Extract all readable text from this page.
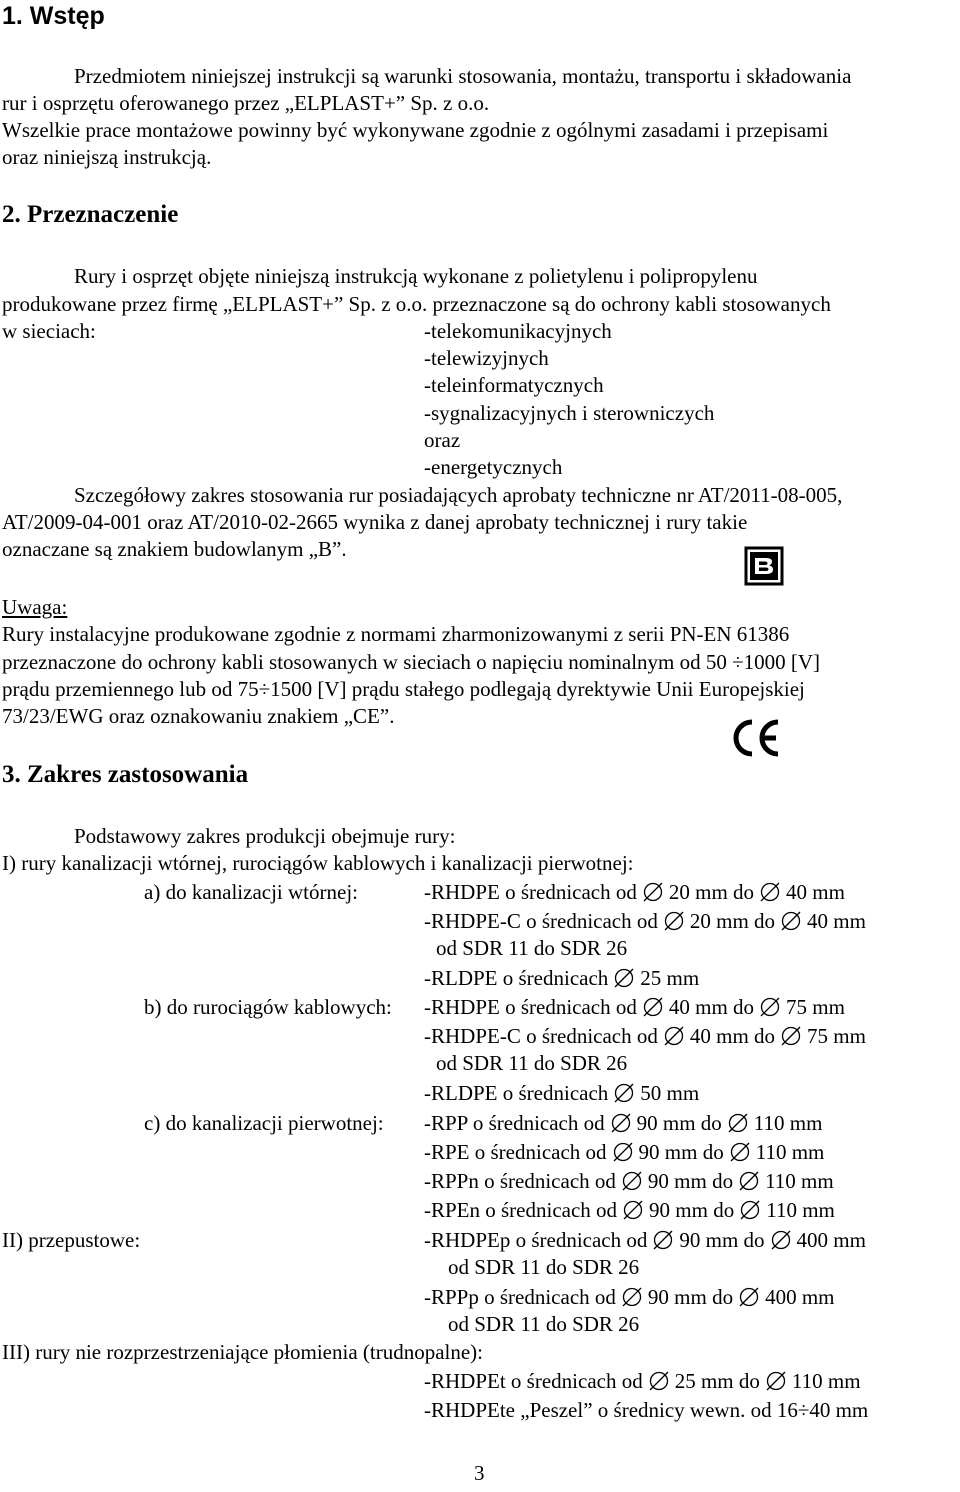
1. Wstęp
Przedmiotem niniejszej instrukcji są warunki stosowania, montażu, transportu i składowania
rur i osprzętu oferowanego przez „ELPLAST+” Sp. z o.o.
Wszelkie prace montażowe powinny być wykonywane zgodnie z ogólnymi zasadami i przepisami
oraz niniejszą instrukcją.
2. Przeznaczenie
Rury i osprzęt objęte niniejszą instrukcją wykonane z polietylenu i polipropylenu
produkowane przez firmę „ELPLAST+” Sp. z o.o. przeznaczone są do ochrony kabli stosowanych
w sieciach:	-telekomunikacyjnych
-telewizyjnych
-teleinformatycznych
-sygnalizacyjnych i sterowniczych
oraz
-energetycznych
Szczegółowy zakres stosowania rur posiadających aprobaty techniczne nr AT/2011-08-005,
AT/2009-04-001 oraz AT/2010-02-2665 wynika z danej aprobaty technicznej i rury takie
oznaczane są znakiem budowlanym „B”.
Uwaga:
Rury instalacyjne produkowane zgodnie z normami zharmonizowanymi z serii PN-EN 61386
przeznaczone do ochrony kabli stosowanych w sieciach o napięciu nominalnym od 50 ÷1000 [V]
prądu przemiennego lub od 75÷1500 [V] prądu stałego podlegają dyrektywie Unii Europejskiej
73/23/EWG oraz oznakowaniu znakiem „CE”.
3. Zakres zastosowania
Podstawowy zakres produkcji obejmuje rury:
I) rury kanalizacji wtórnej, rurociągów kablowych i kanalizacji pierwotnej:
a) do kanalizacji wtórnej:
b) do rurociągów kablowych:
c) do kanalizacji pierwotnej:
II) przepustowe:
III) rury nie rozprzestrzeniające płomienia (trudnopalne):
-RHDPE o średnicach od 20 mm do 40 mm
-RHDPE-C o średnicach od 20 mm do 40 mm
od SDR 11 do SDR 26
-RLDPE o średnicach 25 mm
-RHDPE o średnicach od 40 mm do 75 mm
-RHDPE-C o średnicach od 40 mm do 75 mm
od SDR 11 do SDR 26
-RLDPE o średnicach 50 mm
-RPP o średnicach od 90 mm do 110 mm
-RPE o średnicach od 90 mm do 110 mm
-RPPn o średnicach od 90 mm do 110 mm
-RPEn o średnicach od 90 mm do 110 mm
-RHDPEp o średnicach od 90 mm do 400 mm
od SDR 11 do SDR 26
-RPPp o średnicach od 90 mm do 400 mm
od SDR 11 do SDR 26
-RHDPEt o średnicach od 25 mm do 110 mm
-RHDPEte „Peszel” o średnicy wewn. od 16÷40 mm
3
